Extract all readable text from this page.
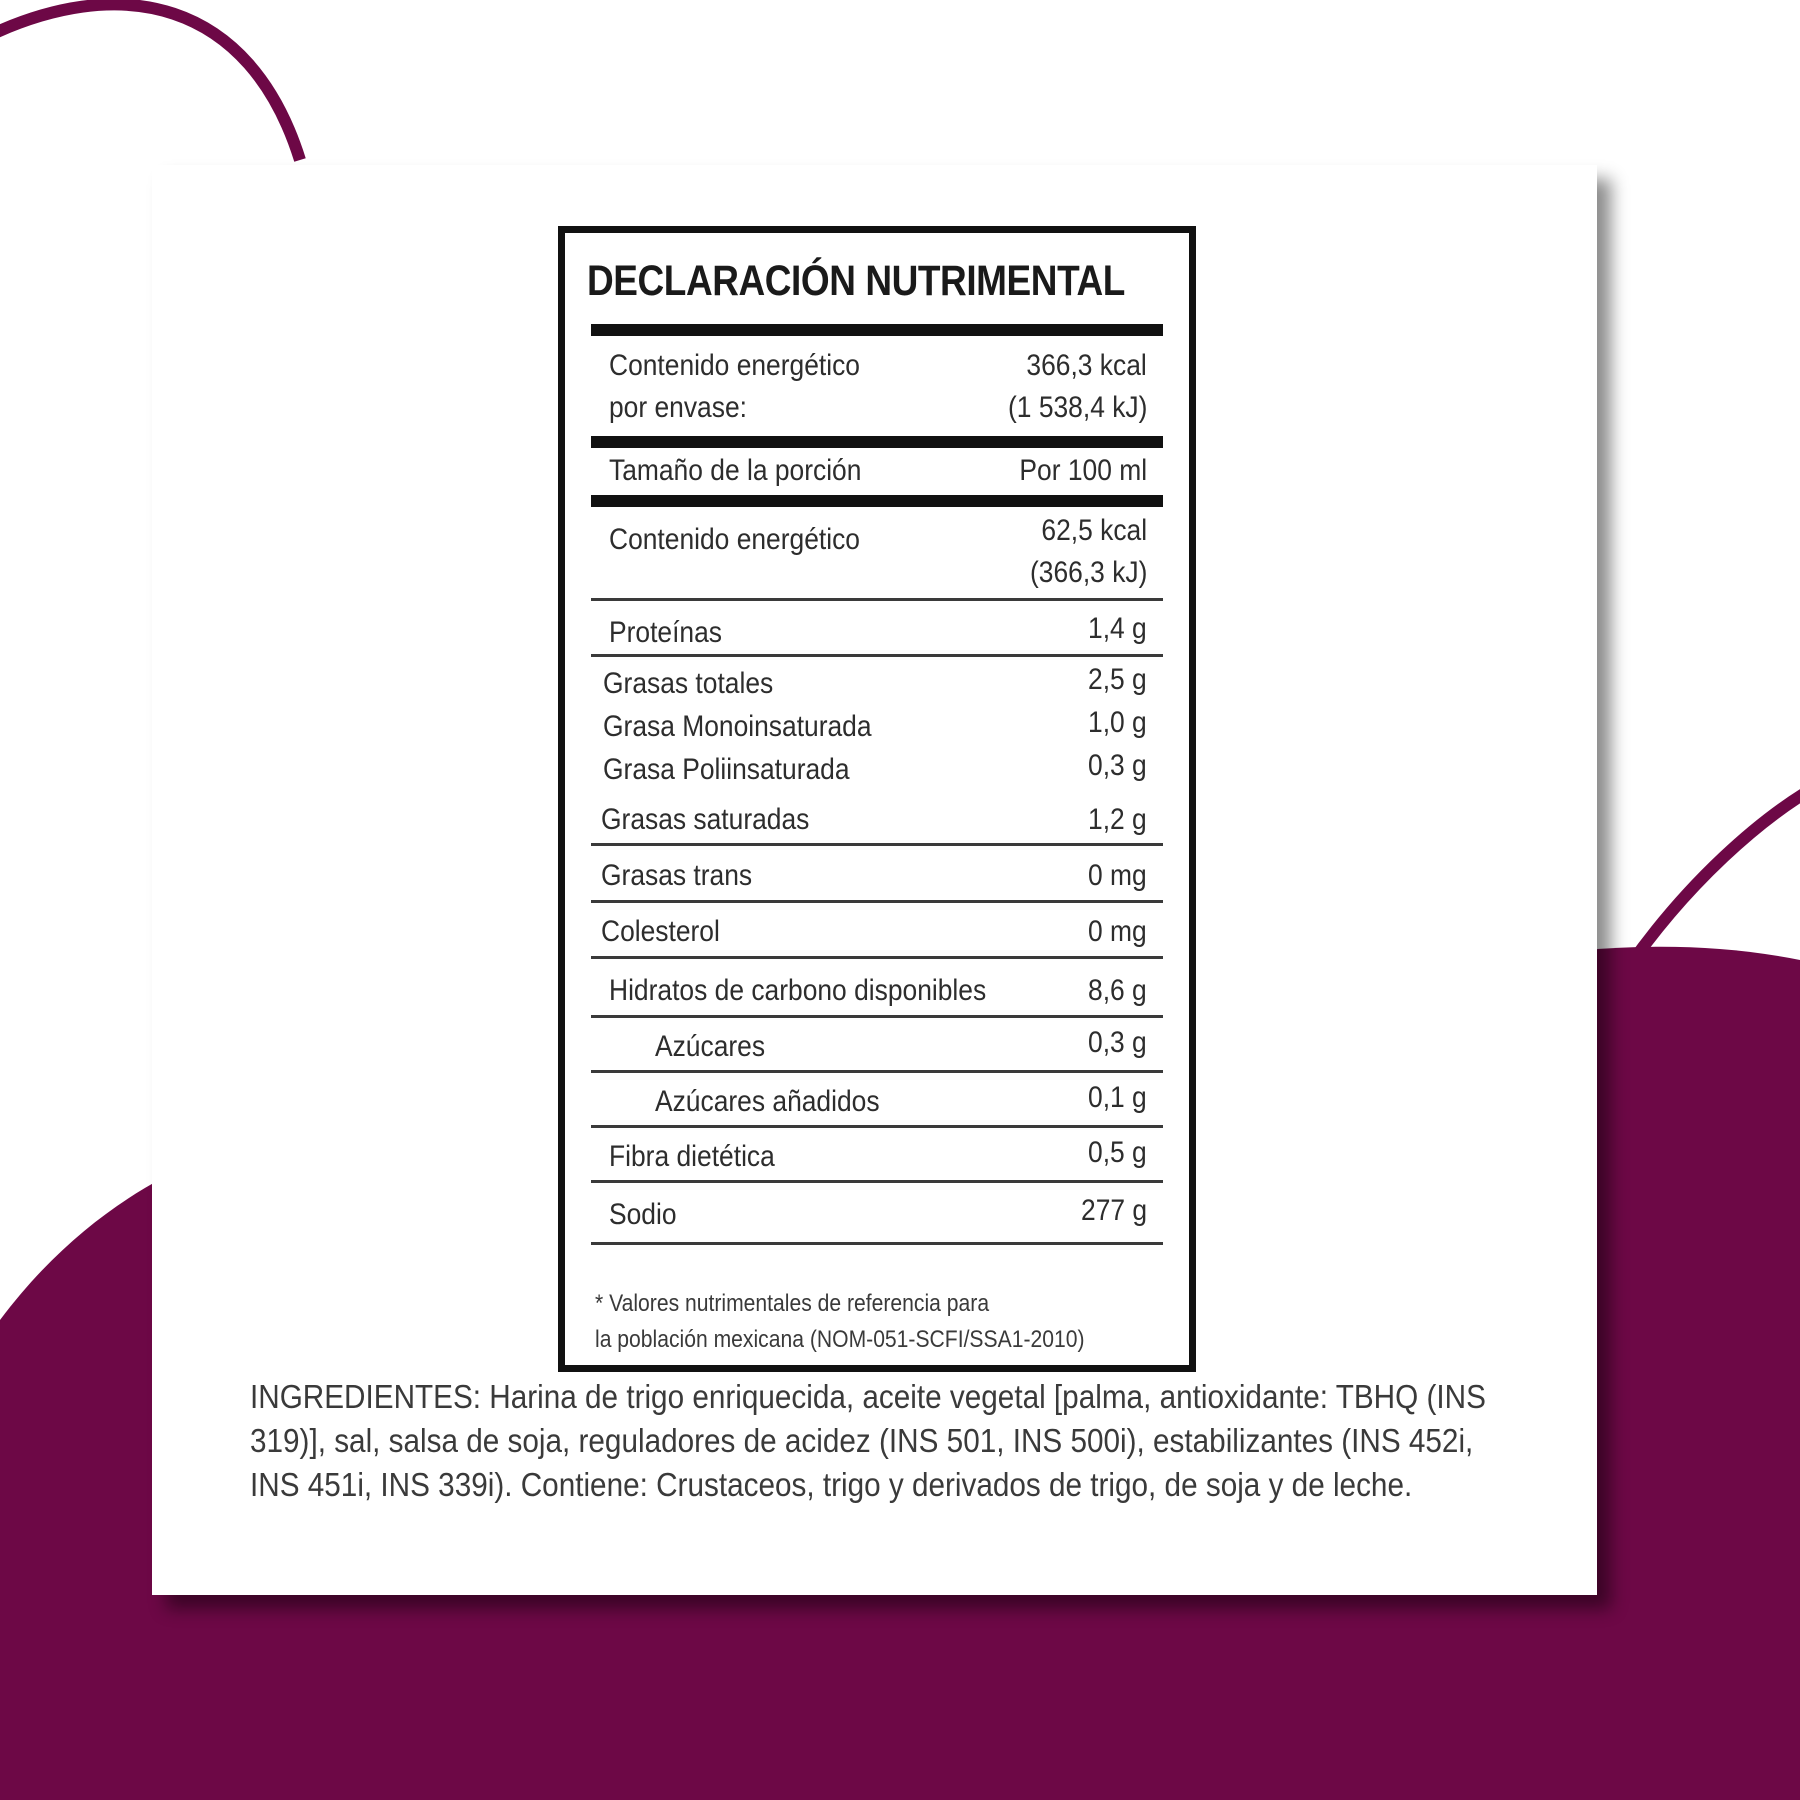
DECLARACIÓN NUTRIMENTAL
Contenido energético	366,3 kcal
por envase:	(1 538,4 kJ)
Tamaño de la porción	Por 100 ml
Contenido energético	62,5 kcal
(366,3 kJ)
Proteínas	1,4 g
Grasas totales	2,5 g
Grasa Monoinsaturada	1,0 g
Grasa Poliinsaturada	0,3 g
Grasas saturadas	1,2 g
Grasas trans	0 mg
Colesterol	0 mg
Hidratos de carbono disponibles	8,6 g
Azúcares	0,3 g
Azúcares añadidos	0,1 g
Fibra dietética	0,5 g
Sodio	277 g
* Valores nutrimentales de referencia para
la población mexicana (NOM-051-SCFI/SSA1-2010)
INGREDIENTES: Harina de trigo enriquecida, aceite vegetal [palma, antioxidante: TBHQ (INS 319)], sal, salsa de soja, reguladores de acidez (INS 501, INS 500i), estabilizantes (INS 452i, INS 451i, INS 339i). Contiene: Crustaceos, trigo y derivados de trigo, de soja y de leche.
